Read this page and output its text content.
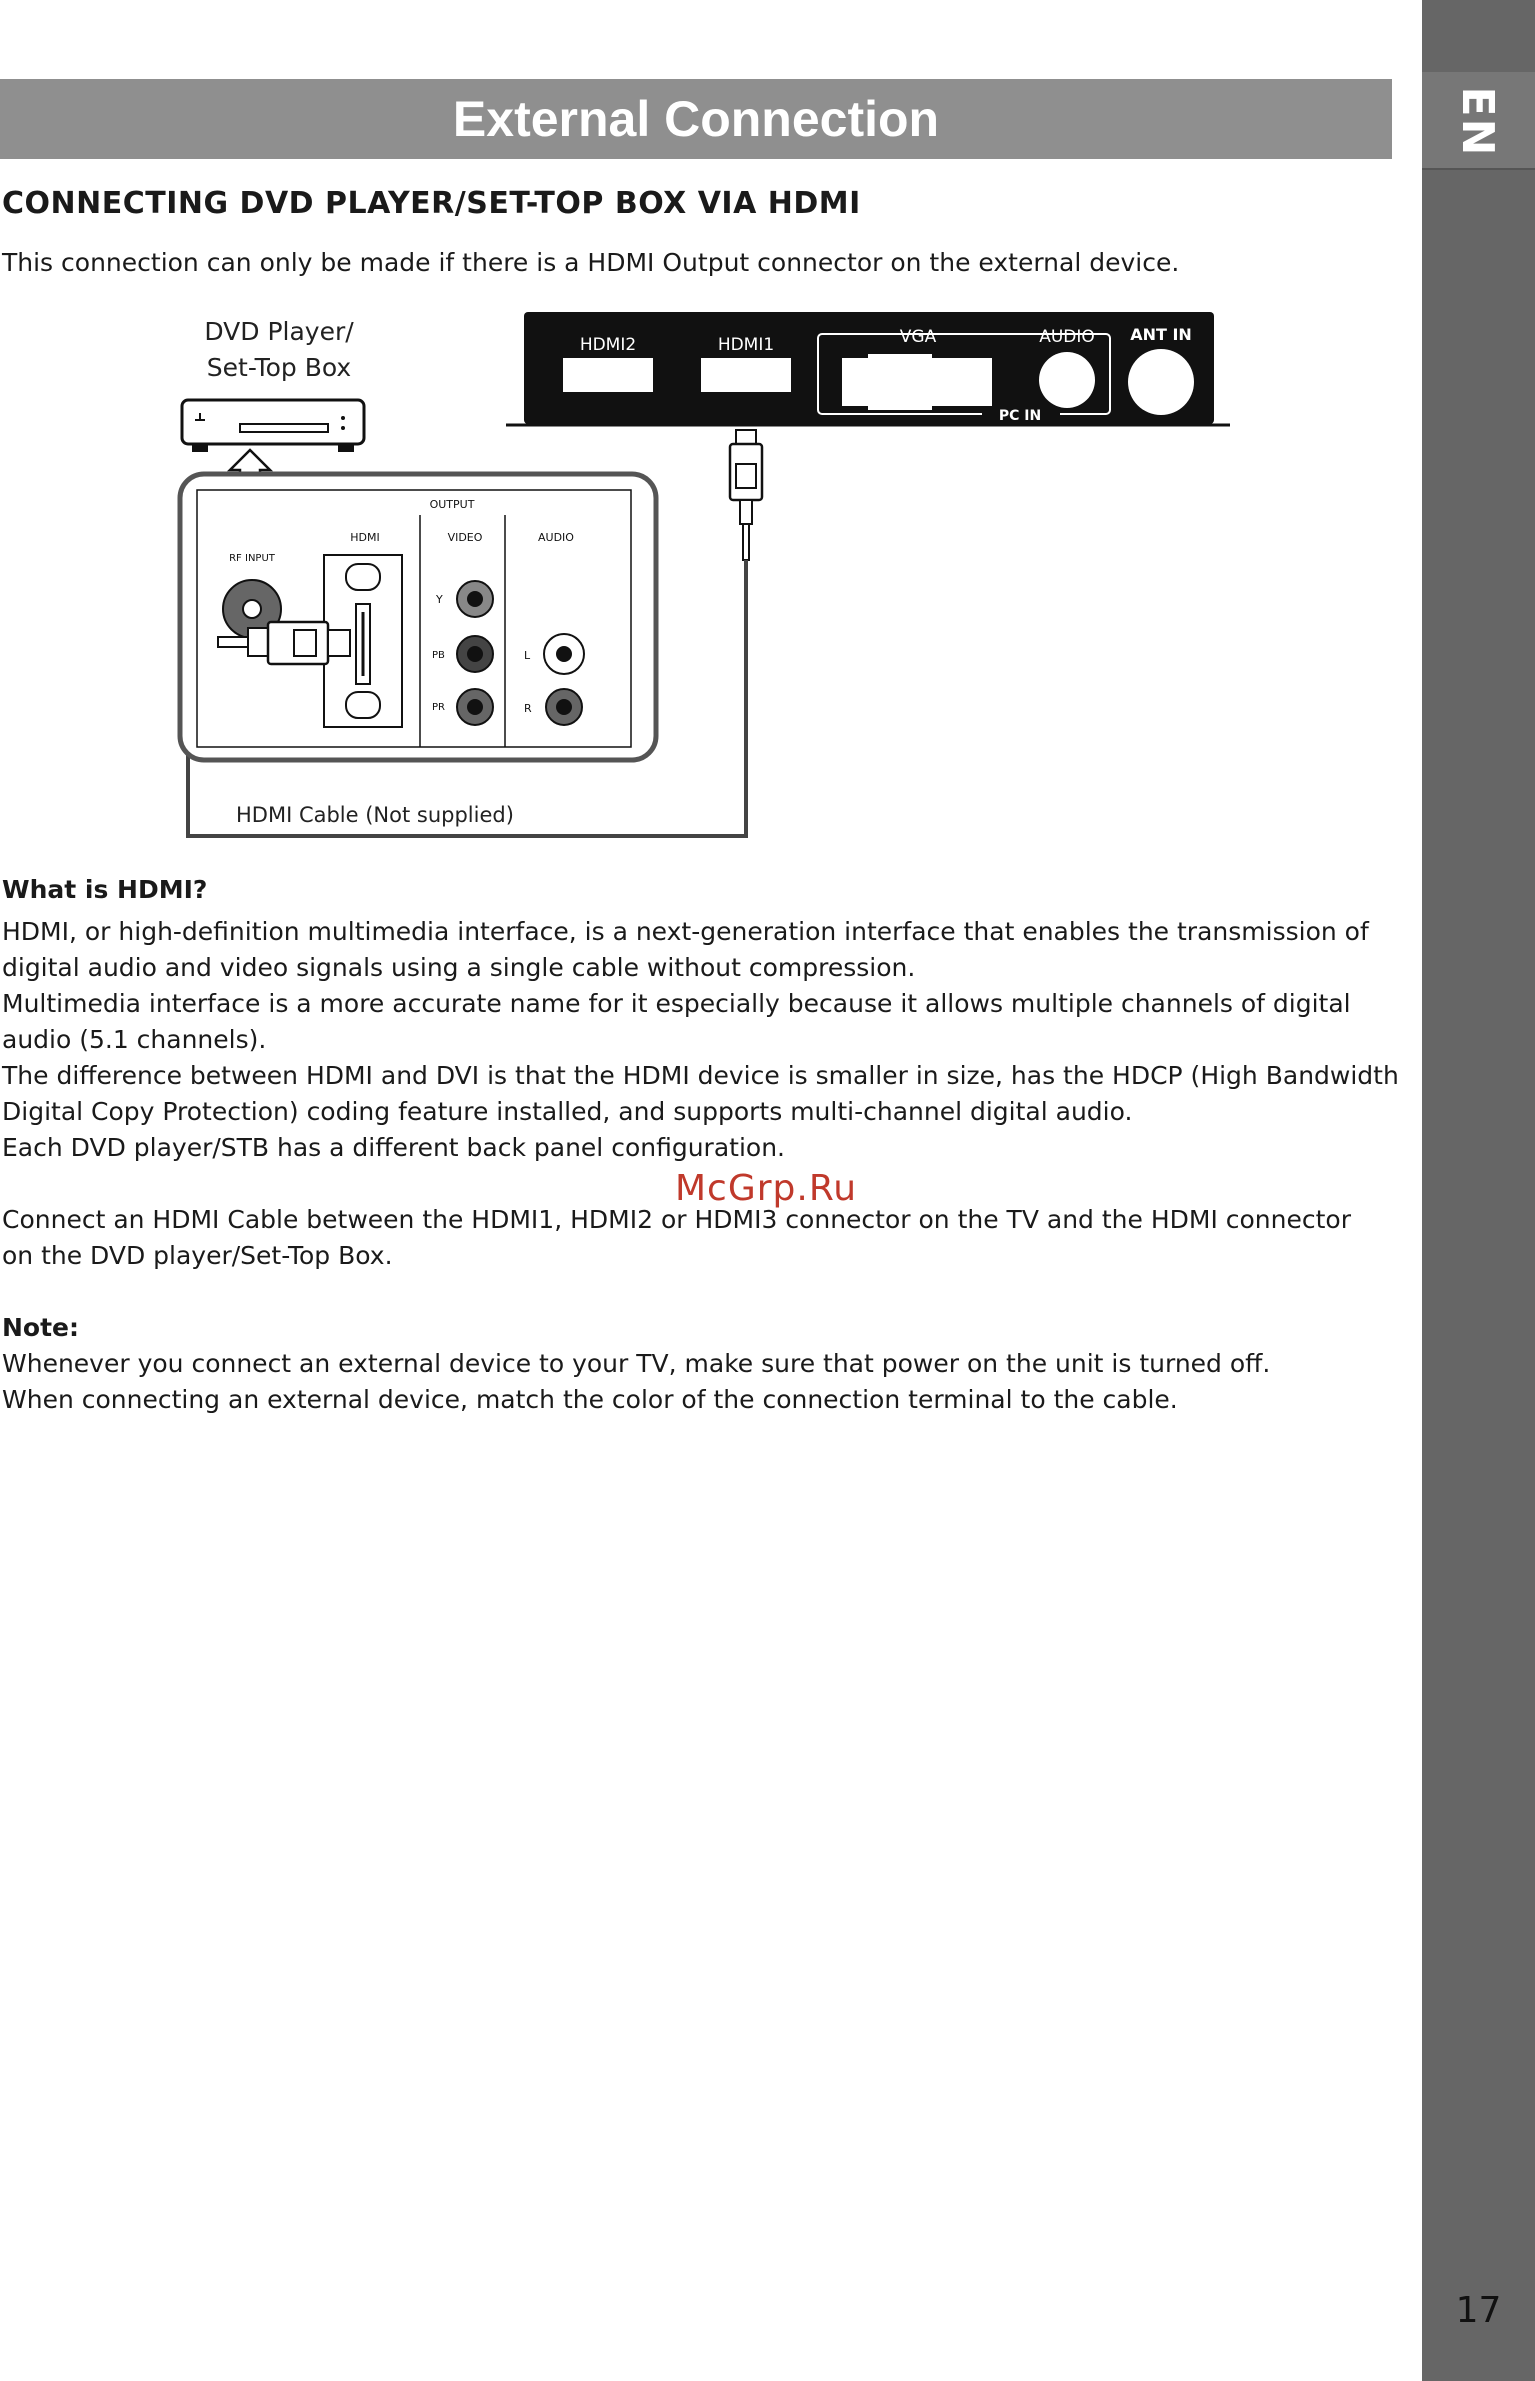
EN
17
External Connection
CONNECTING DVD PLAYER/SET-TOP BOX VIA HDMI
This connection can only be made if there is a HDMI Output connector on the external device.
DVD Player/
Set-Top Box
HDMI2	HDMI1	VGA	AUDIO
PC IN
ANT IN
OUTPUT
HDMI	VIDEO	AUDIO
RF INPUT
Y
PB
PR
L
R
HDMI Cable (Not supplied)
What is HDMI?
HDMI, or high-definition multimedia interface, is a next-generation interface that enables the transmission of
digital audio and video signals using a single cable without compression.
Multimedia interface is a more accurate name for it especially because it allows multiple channels of digital
audio (5.1 channels).
The difference between HDMI and DVI is that the HDMI device is smaller in size, has the HDCP (High Bandwidth
Digital Copy Protection) coding feature installed, and supports multi-channel digital audio.
Each DVD player/STB has a different back panel configuration.
McGrp.Ru
Connect an HDMI Cable between the HDMI1, HDMI2 or HDMI3 connector on the TV and the HDMI connector
on the DVD player/Set-Top Box.
Note:
Whenever you connect an external device to your TV, make sure that power on the unit is turned off.
When connecting an external device, match the color of the connection terminal to the cable.
